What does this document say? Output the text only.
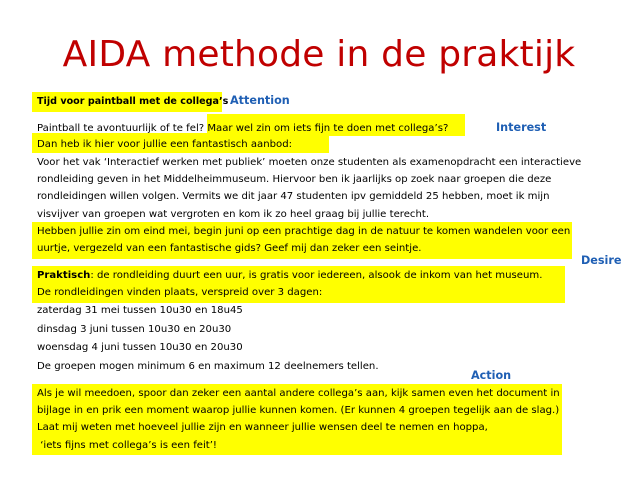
AIDA methode in de praktijk
Tijd voor paintball met de collega’s Attention
Interest
Paintball te avontuurlijk of te fel? Maar wel zin om iets fijn te doen met collega’s?
Dan heb ik hier voor jullie een fantastisch aanbod:
Voor het vak ‘Interactief werken met publiek’ moeten onze studenten als examenopdracht een interactieve
rondleiding geven in het Middelheimmuseum. Hiervoor ben ik jaarlijks op zoek naar groepen die deze
rondleidingen willen volgen. Vermits we dit jaar 47 studenten ipv gemiddeld 25 hebben, moet ik mijn
visvijver van groepen wat vergroten en kom ik zo heel graag bij jullie terecht.
Hebben jullie zin om eind mei, begin juni op een prachtige dag in de natuur te komen wandelen voor een
uurtje, vergezeld van een fantastische gids? Geef mij dan zeker een seintje.
Desire
Praktisch: de rondleiding duurt een uur, is gratis voor iedereen, alsook de inkom van het museum.
De rondleidingen vinden plaats, verspreid over 3 dagen:
zaterdag 31 mei tussen 10u30 en 18u45
dinsdag 3 juni tussen 10u30 en 20u30
woensdag 4 juni tussen 10u30 en 20u30
De groepen mogen minimum 6 en maximum 12 deelnemers tellen.
Action
Als je wil meedoen, spoor dan zeker een aantal andere collega’s aan, kijk samen even het document in
bijlage in en prik een moment waarop jullie kunnen komen. (Er kunnen 4 groepen tegelijk aan de slag.)
Laat mij weten met hoeveel jullie zijn en wanneer jullie wensen deel te nemen en hoppa,
‘iets fijns met collega’s is een feit’!
